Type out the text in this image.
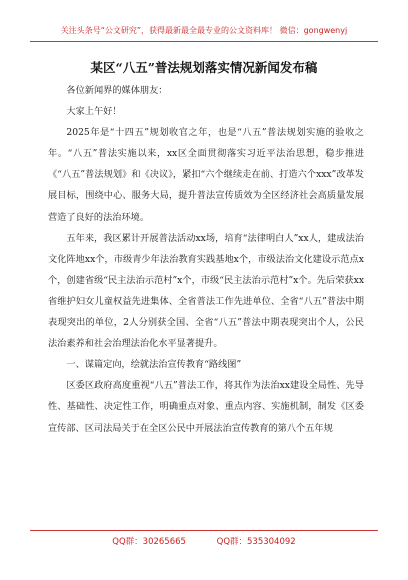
关注头条号“公文研究”，获得最新最全最专业的公文资料库！ 微信：gongwenyj
某区“八五”普法规划落实情况新闻发布稿

各位新闻界的媒体朋友：

大家上午好！

2025年是“十四五”规划收官之年，也是“八五”普法规划实施的验收之年。“八五”普法实施以来，xx区全面贯彻落实习近平法治思想，稳步推进《“八五”普法规划》和《决议》，紧扣“六个继续走在前、打造六个xxx”改革发展目标，围绕中心、服务大局，提升普法宣传质效为全区经济社会高质量发展营造了良好的法治环境。

五年来，我区累计开展普法活动xx场，培育“法律明白人”xx人，建成法治文化阵地xx个，市级青少年法治教育实践基地x个，市级法治文化建设示范点x个，创建省级“民主法治示范村”x个，市级“民主法治示范村”x个。先后荣获xx省维护妇女儿童权益先进集体、全省普法工作先进单位、全省“八五”普法中期表现突出的单位，2人分别获全国、全省“八五”普法中期表现突出个人，公民法治素养和社会治理法治化水平显著提升。

一、谋篇定向，绘就法治宣传教育“路线图”

区委区政府高度重视“八五”普法工作，将其作为法治xx建设全局性、先导性、基础性、决定性工作，明确重点对象、重点内容、实施机制，制发《区委宣传部、区司法局关于在全区公民中开展法治宣传教育的第八个五年规

QQ群：30265665	QQ群：535304092
